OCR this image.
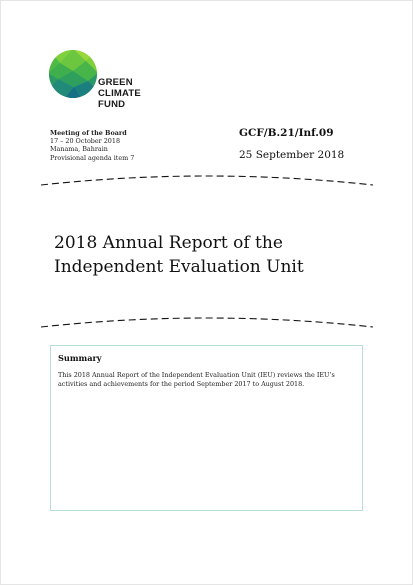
GREEN
CLIMATE
FUND
Meeting of the Board
17 – 20 October 2018
Manama, Bahrain
Provisional agenda item 7
GCF/B.21/Inf.09
25 September 2018
2018 Annual Report of the
Independent Evaluation Unit
Summary
This 2018 Annual Report of the Independent Evaluation Unit (IEU) reviews the IEU’s
activities and achievements for the period September 2017 to August 2018.
